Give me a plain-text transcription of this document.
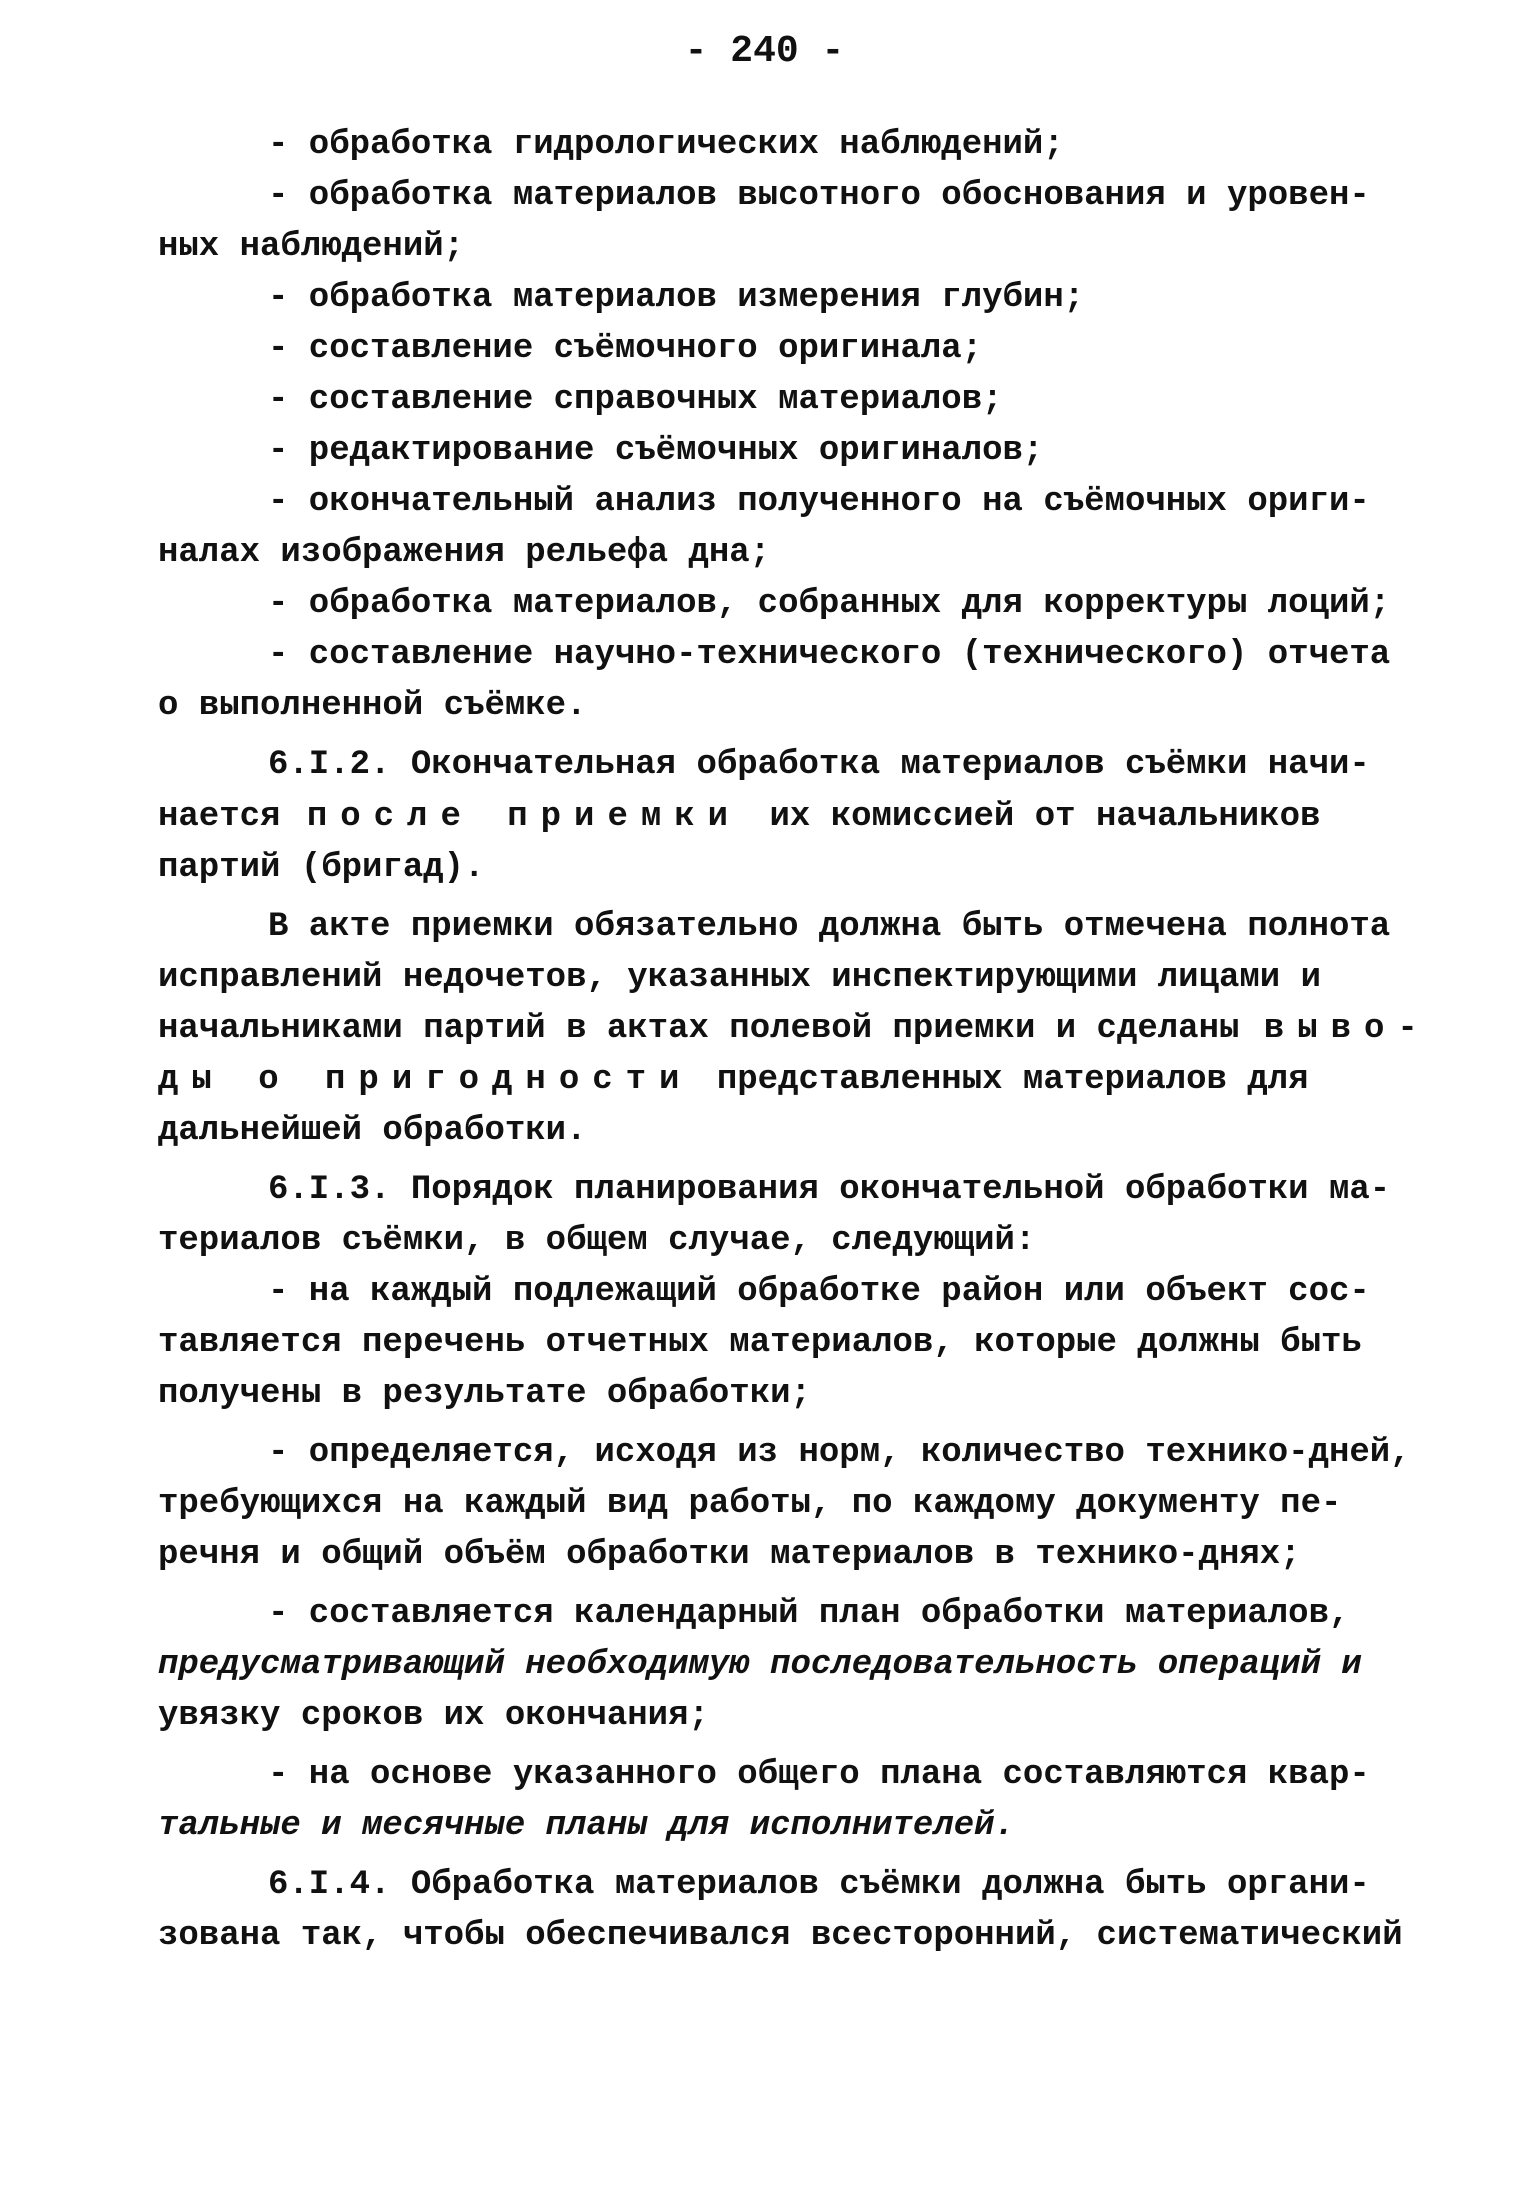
- 240 -
- обработка гидрологических наблюдений;
- обработка материалов высотного обоснования и уровен-
ных наблюдений;
- обработка материалов измерения глубин;
- составление съёмочного оригинала;
- составление справочных материалов;
- редактирование съёмочных оригиналов;
- окончательный анализ полученного на съёмочных ориги-
налах изображения рельефа дна;
- обработка материалов, собранных для корректуры лоций;
- составление научно-технического (технического) отчета
о выполненной съёмке.
6.I.2. Окончательная обработка материалов съёмки начи-
нается после приемки их комиссией от начальников
партий (бригад).
В акте приемки обязательно должна быть отмечена полнота
исправлений недочетов, указанных инспектирующими лицами и
начальниками партий в актах полевой приемки и сделаны выво-
ды о пригодности представленных материалов для
дальнейшей обработки.
6.I.3. Порядок планирования окончательной обработки ма-
териалов съёмки, в общем случае, следующий:
- на каждый подлежащий обработке район или объект сос-
тавляется перечень отчетных материалов, которые должны быть
получены в результате обработки;
- определяется, исходя из норм, количество технико-дней,
требующихся на каждый вид работы, по каждому документу пе-
речня и общий объём обработки материалов в технико-днях;
- составляется календарный план обработки материалов,
предусматривающий необходимую последовательность операций и
увязку сроков их окончания;
- на основе указанного общего плана составляются квар-
тальные и месячные планы для исполнителей.
6.I.4. Обработка материалов съёмки должна быть органи-
зована так, чтобы обеспечивался всесторонний, систематический
